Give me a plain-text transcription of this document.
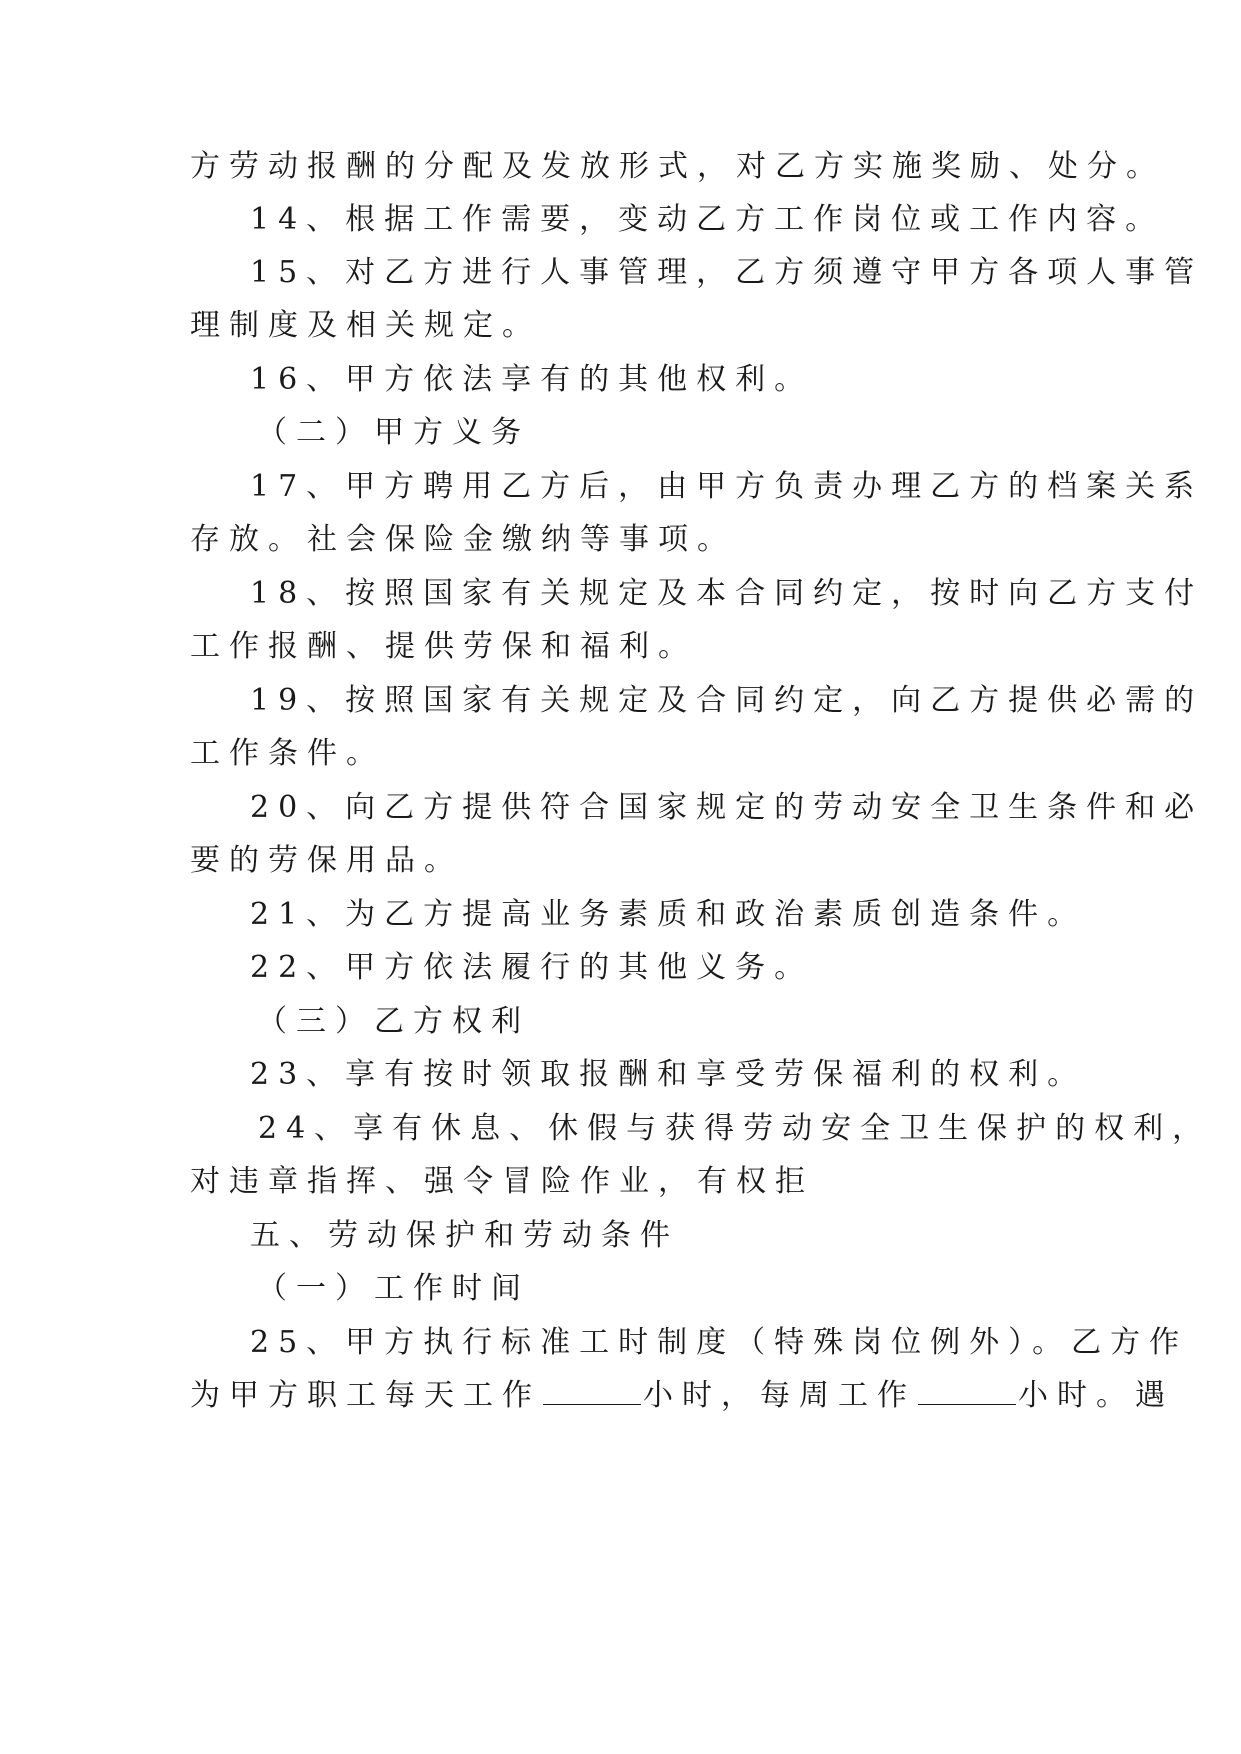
方劳动报酬的分配及发放形式，对乙方实施奖励、处分。
14、根据工作需要，变动乙方工作岗位或工作内容。
15、对乙方进行人事管理，乙方须遵守甲方各项人事管
理制度及相关规定。
16、甲方依法享有的其他权利。
（二）甲方义务
17、甲方聘用乙方后，由甲方负责办理乙方的档案关系
存放。社会保险金缴纳等事项。
18、按照国家有关规定及本合同约定，按时向乙方支付
工作报酬、提供劳保和福利。
19、按照国家有关规定及合同约定，向乙方提供必需的
工作条件。
20、向乙方提供符合国家规定的劳动安全卫生条件和必
要的劳保用品。
21、为乙方提高业务素质和政治素质创造条件。
22、甲方依法履行的其他义务。
（三）乙方权利
23、享有按时领取报酬和享受劳保福利的权利。
24、享有休息、休假与获得劳动安全卫生保护的权利，
对违章指挥、强令冒险作业，有权拒
五、劳动保护和劳动条件
（一）工作时间
25、甲方执行标准工时制度（特殊岗位例外）。乙方作
为甲方职工每天工作	小时，每周工作	小时。遇
